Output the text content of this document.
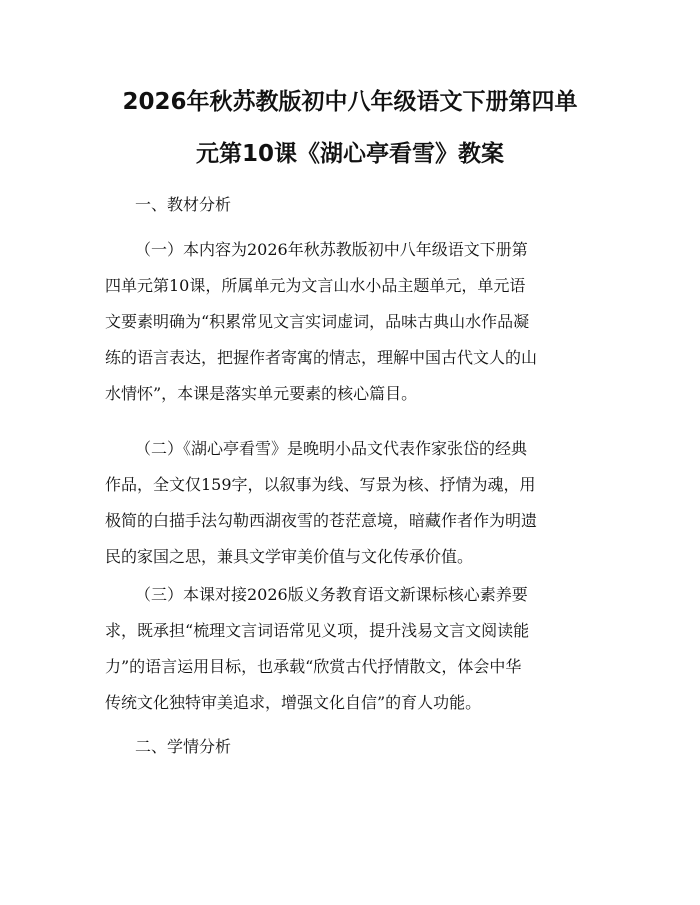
2026年秋苏教版初中八年级语文下册第四单
元第10课《湖心亭看雪》教案
一、教材分析
（一）本内容为2026年秋苏教版初中八年级语文下册第
四单元第10课，所属单元为文言山水小品主题单元，单元语
文要素明确为“积累常见文言实词虚词，品味古典山水作品凝
练的语言表达，把握作者寄寓的情志，理解中国古代文人的山
水情怀”，本课是落实单元要素的核心篇目。
（二）《湖心亭看雪》是晚明小品文代表作家张岱的经典
作品，全文仅159字，以叙事为线、写景为核、抒情为魂，用
极简的白描手法勾勒西湖夜雪的苍茫意境，暗藏作者作为明遗
民的家国之思，兼具文学审美价值与文化传承价值。
（三）本课对接2026版义务教育语文新课标核心素养要
求，既承担“梳理文言词语常见义项，提升浅易文言文阅读能
力”的语言运用目标，也承载“欣赏古代抒情散文，体会中华
传统文化独特审美追求，增强文化自信”的育人功能。
二、学情分析
